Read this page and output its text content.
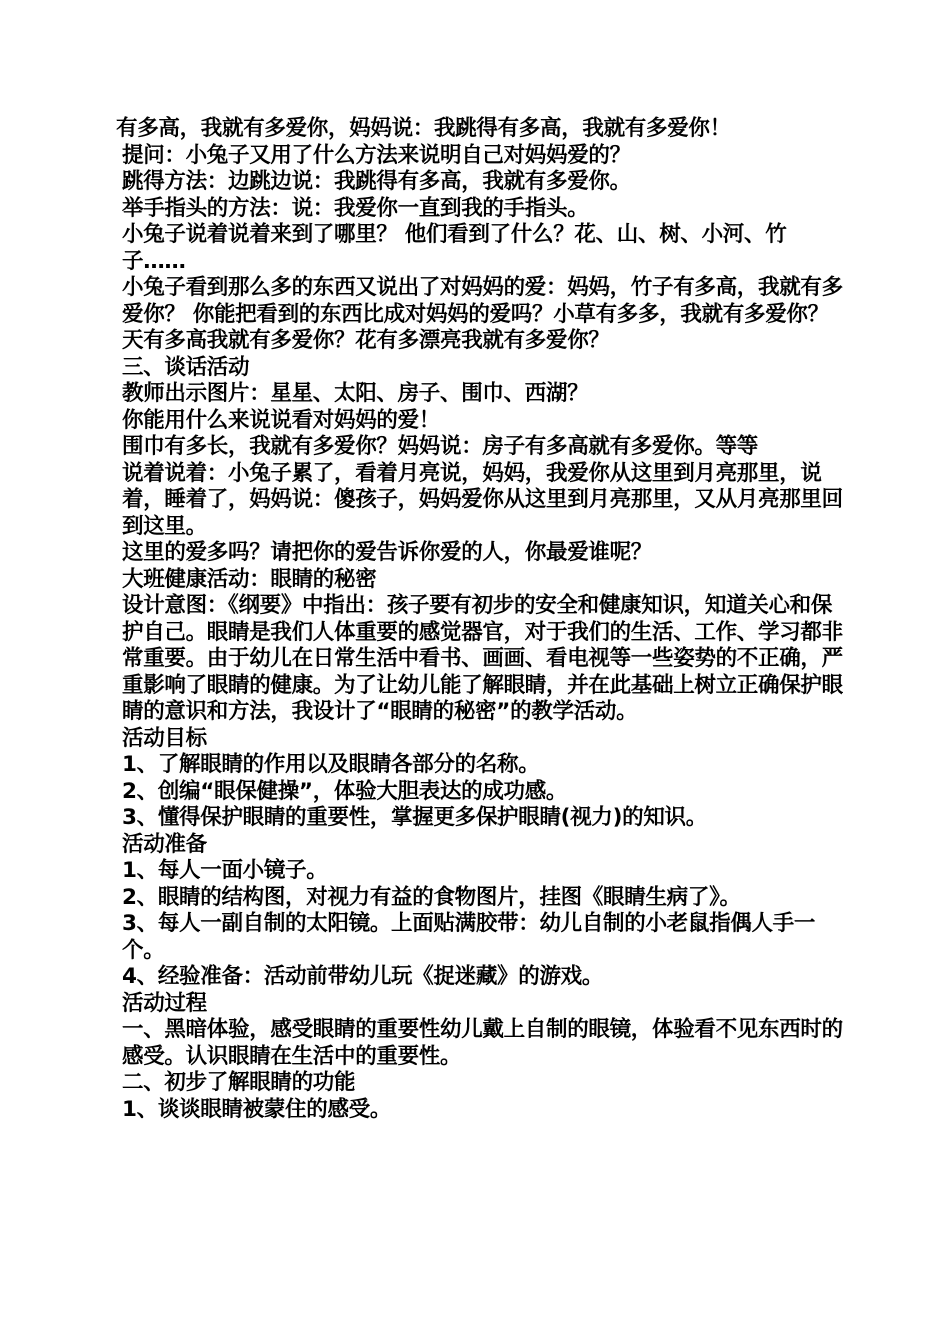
有多高，我就有多爱你，妈妈说：我跳得有多高，我就有多爱你！

提问：小兔子又用了什么方法来说明自己对妈妈爱的？

跳得方法：边跳边说：我跳得有多高，我就有多爱你。

举手指头的方法：说：我爱你一直到我的手指头。

小兔子说着说着来到了哪里？ 他们看到了什么？花、山、树、小河、竹子……

小兔子看到那么多的东西又说出了对妈妈的爱：妈妈，竹子有多高，我就有多爱你？ 你能把看到的东西比成对妈妈的爱吗？小草有多多，我就有多爱你？天有多高我就有多爱你？花有多漂亮我就有多爱你？

三、谈话活动

教师出示图片：星星、太阳、房子、围巾、西湖？

你能用什么来说说看对妈妈的爱！

围巾有多长，我就有多爱你？妈妈说：房子有多高就有多爱你。等等

说着说着：小兔子累了，看着月亮说，妈妈，我爱你从这里到月亮那里，说着，睡着了，妈妈说：傻孩子，妈妈爱你从这里到月亮那里，又从月亮那里回到这里。

这里的爱多吗？请把你的爱告诉你爱的人，你最爱谁呢？

大班健康活动：眼睛的秘密

设计意图：《纲要》中指出：孩子要有初步的安全和健康知识，知道关心和保护自己。眼睛是我们人体重要的感觉器官，对于我们的生活、工作、学习都非常重要。由于幼儿在日常生活中看书、画画、看电视等一些姿势的不正确，严重影响了眼睛的健康。为了让幼儿能了解眼睛，并在此基础上树立正确保护眼睛的意识和方法，我设计了“眼睛的秘密”的教学活动。

活动目标

1、了解眼睛的作用以及眼睛各部分的名称。

2、创编“眼保健操”，体验大胆表达的成功感。

3、懂得保护眼睛的重要性，掌握更多保护眼睛(视力)的知识。

活动准备

1、每人一面小镜子。

2、眼睛的结构图，对视力有益的食物图片，挂图《眼睛生病了》。

3、每人一副自制的太阳镜。上面贴满胶带：幼儿自制的小老鼠指偶人手一个。

4、经验准备：活动前带幼儿玩《捉迷藏》的游戏。

活动过程

一、黑暗体验，感受眼睛的重要性幼儿戴上自制的眼镜，体验看不见东西时的感受。认识眼睛在生活中的重要性。

二、初步了解眼睛的功能

1、谈谈眼睛被蒙住的感受。
